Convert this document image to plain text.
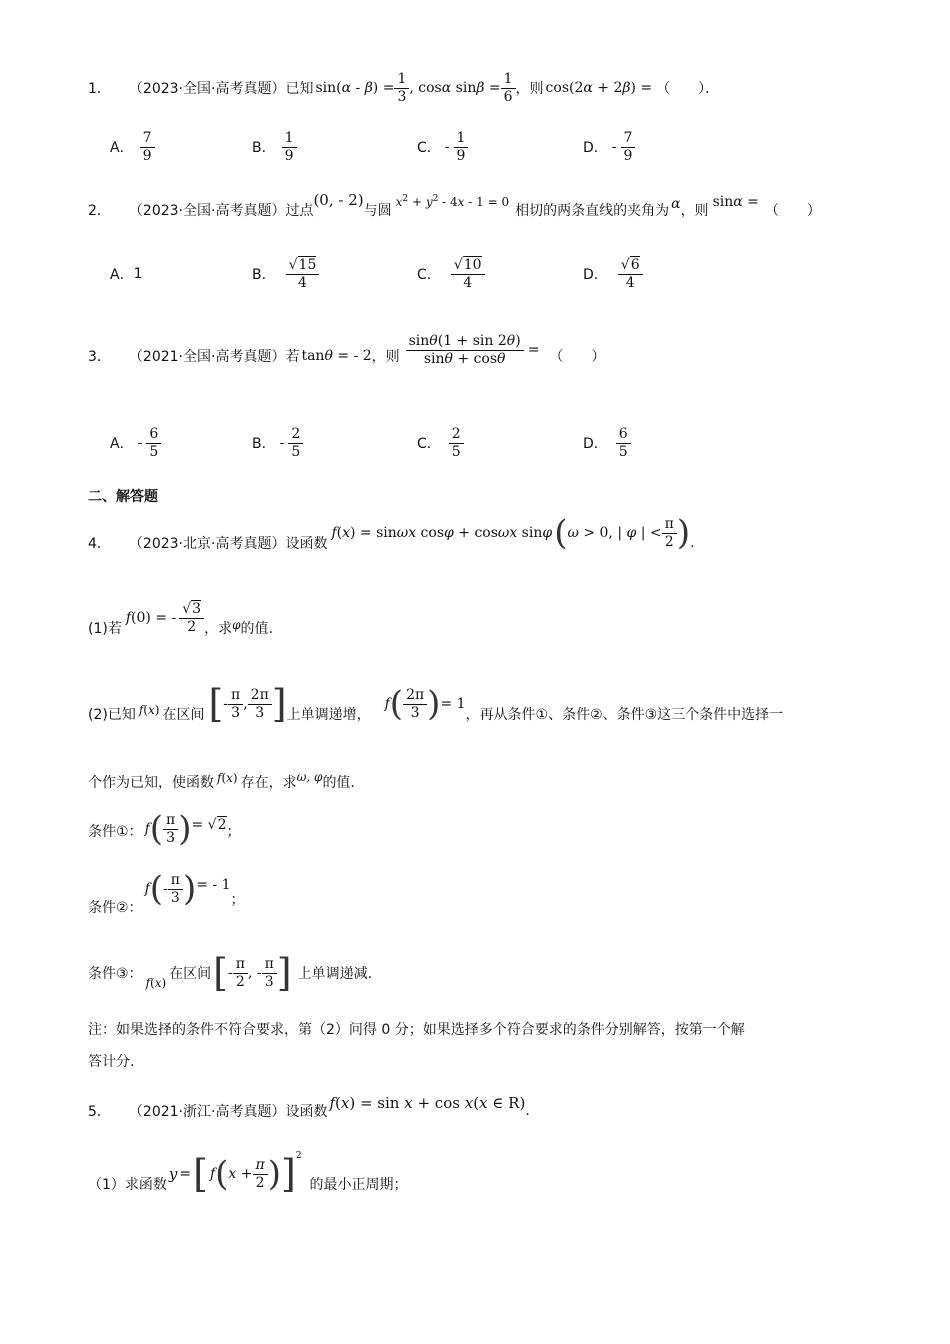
1． （2023·全国·高考真题） 已知 $\sin(\alpha - \beta) = \frac{1}{3}$ , cosα $\sin\beta = \frac{1}{6}$ ，则 cos(2α + 2β) = （　　）．
A． $\frac{7}{9}$	B． $\frac{1}{9}$	C． - $\frac{1}{9}$	D． - $\frac{7}{9}$
2． （2023·全国·高考真题） 过点
(0, - 2)
与圆
$x^2 + y^2 - 4x - 1 = 0$
相切的两条直线的夹角为 α ，则
sinα =
（　　）
A． 1	B． $\frac{√15}{4}$	C． $\frac{√10}{4}$	D． $\frac{√6}{4}$
3． （2021·全国·高考真题） 若 tanθ = - 2 ，则 $\frac{\sin\theta(1 + \sin 2\theta)}{\sin\theta + \cos\theta}$ = （　　）
A． - $\frac{6}{5}$	B． - $\frac{2}{5}$	C． $\frac{2}{5}$	D． $\frac{6}{5}$
二、解答题
4． （2023·北京·高考真题） 设函数
f(x) = sinωx cosφ + cosωx sinφ ( ω > 0, | φ | < $\frac{\pi}{2}$ ) .
(1)若
f(0) = - $\frac{√3}{2}$ ，求 φ 的值.
(2)已知 f(x) 在区间 [ - $\frac{\pi}{3}$ , $\frac{2\pi}{3}$ ] 上单调递增，
f ( $\frac{2\pi}{3}$ ) = 1
，再从条件①、条件②、条件③这三个条件中选择一
个作为已知，使函数 f(x) 存在，求 ω, φ 的值.
条件①： f ( $\frac{\pi}{3}$ ) = √2 ；
条件②：
f ( - $\frac{\pi}{3}$ ) = - 1
；
条件③：
f(x)
在区间 [ - $\frac{\pi}{2}$ , - $\frac{\pi}{3}$ ] 上单调递减.
注：如果选择的条件不符合要求，第（2）问得 0 分；如果选择多个符合要求的条件分别解答，按第一个解
答计分.
5． （2021·浙江·高考真题） 设函数 f(x) = sin x + cos x(x ∈ R) .
（1）求函数
y = [ f ( $x + \frac{\pi}{2}$ ) ] 2
的最小正周期；
